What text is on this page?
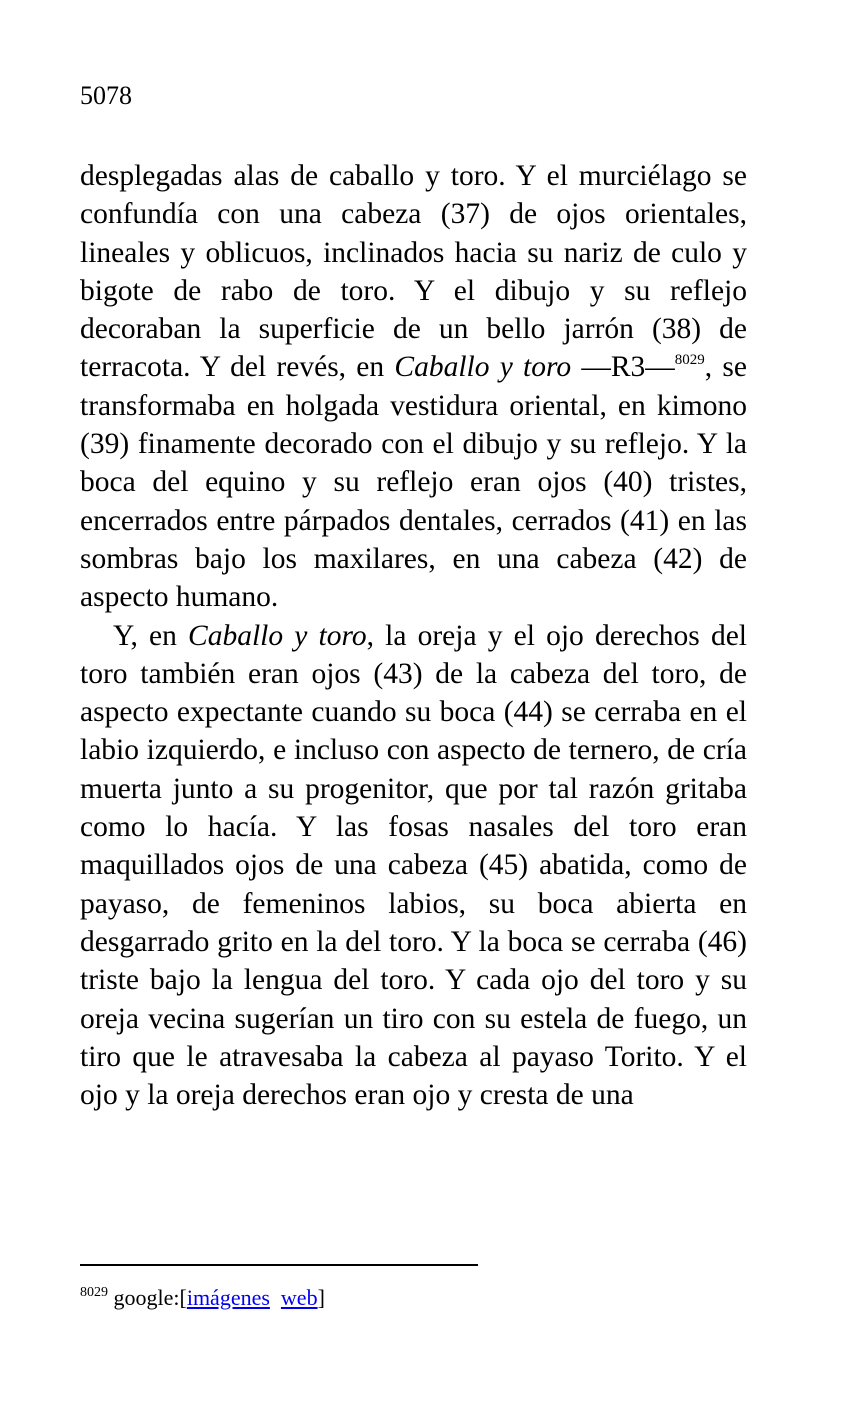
5078

desplegadas alas de caballo y toro. Y el murciélago se confundía con una cabeza (37) de ojos orientales, lineales y oblicuos, inclinados hacia su nariz de culo y bigote de rabo de toro. Y el dibujo y su reflejo decoraban la superficie de un bello jarrón (38) de terracota. Y del revés, en Caballo y toro —R3—$^{8029}$, se transformaba en holgada vestidura oriental, en kimono (39) finamente decorado con el dibujo y su reflejo. Y la boca del equino y su reflejo eran ojos (40) tristes, encerrados entre párpados dentales, cerrados (41) en las sombras bajo los maxilares, en una cabeza (42) de aspecto humano.

Y, en Caballo y toro, la oreja y el ojo derechos del toro también eran ojos (43) de la cabeza del toro, de aspecto expectante cuando su boca (44) se cerraba en el labio izquierdo, e incluso con aspecto de ternero, de cría muerta junto a su progenitor, que por tal razón gritaba como lo hacía. Y las fosas nasales del toro eran maquillados ojos de una cabeza (45) abatida, como de payaso, de femeninos labios, su boca abierta en desgarrado grito en la del toro. Y la boca se cerraba (46) triste bajo la lengua del toro. Y cada ojo del toro y su oreja vecina sugerían un tiro con su estela de fuego, un tiro que le atravesaba la cabeza al payaso Torito. Y el ojo y la oreja derechos eran ojo y cresta de una

$^{8029}$ google:[imágenes web]
